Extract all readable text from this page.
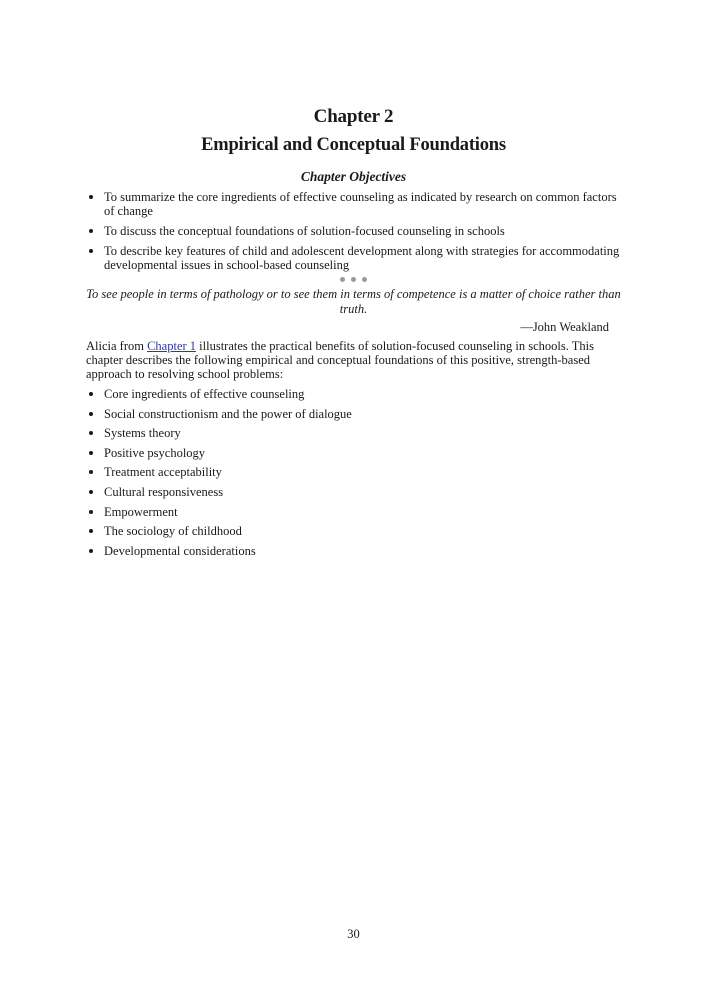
Chapter 2
Empirical and Conceptual Foundations
Chapter Objectives
To summarize the core ingredients of effective counseling as indicated by research on common factors of change
To discuss the conceptual foundations of solution-focused counseling in schools
To describe key features of child and adolescent development along with strategies for accommodating developmental issues in school-based counseling
To see people in terms of pathology or to see them in terms of competence is a matter of choice rather than truth.
—John Weakland

Alicia from Chapter 1 illustrates the practical benefits of solution-focused counseling in schools. This chapter describes the following empirical and conceptual foundations of this positive, strength-based approach to resolving school problems:

Core ingredients of effective counseling
Social constructionism and the power of dialogue
Systems theory
Positive psychology
Treatment acceptability
Cultural responsiveness
Empowerment
The sociology of childhood
Developmental considerations
30
